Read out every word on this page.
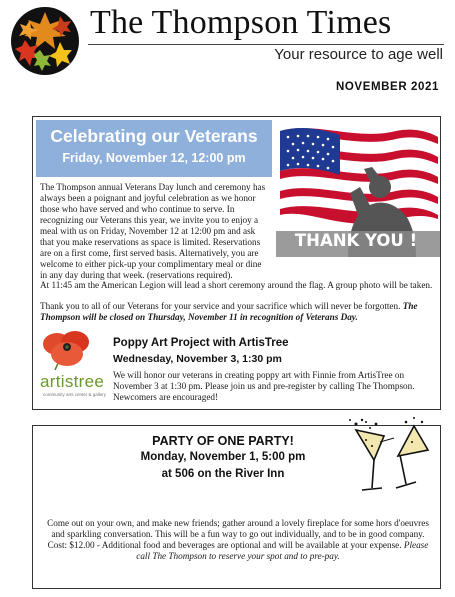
The Thompson Times
Your resource to age well
NOVEMBER 2021
Celebrating our Veterans
Friday, November 12, 12:00 pm
THANK YOU !

The Thompson annual Veterans Day lunch and ceremony has always been a poignant and joyful celebration as we honor those who have served and who continue to serve. In recognizing our Veterans this year, we invite you to enjoy a meal with us on Friday, November 12 at 12:00 pm and ask that you make reservations as space is limited. Reservations are on a first come, first served basis. Alternatively, you are welcome to either pick-up your complimentary meal or dine in any day during that week. (reservations required).

At 11:45 am the American Legion will lead a short ceremony around the flag. A group photo will be taken.

Thank you to all of our Veterans for your service and your sacrifice which will never be forgotten. The Thompson will be closed on Thursday, November 11 in recognition of Veterans Day.

artistree
community arts center & gallery
Poppy Art Project with ArtisTree
Wednesday, November 3, 1:30 pm

We will honor our veterans in creating poppy art with Finnie from ArtisTree on November 3 at 1:30 pm. Please join us and pre-register by calling The Thompson. Newcomers are encouraged!

PARTY OF ONE PARTY!
Monday, November 1, 5:00 pm
at 506 on the River Inn

Come out on your own, and make new friends; gather around a lovely fireplace for some hors d'oeuvres and sparkling conversation. This will be a fun way to go out individually, and to be in good company. Cost: $12.00 - Additional food and beverages are optional and will be available at your expense. Please call The Thompson to reserve your spot and to pre-pay.
